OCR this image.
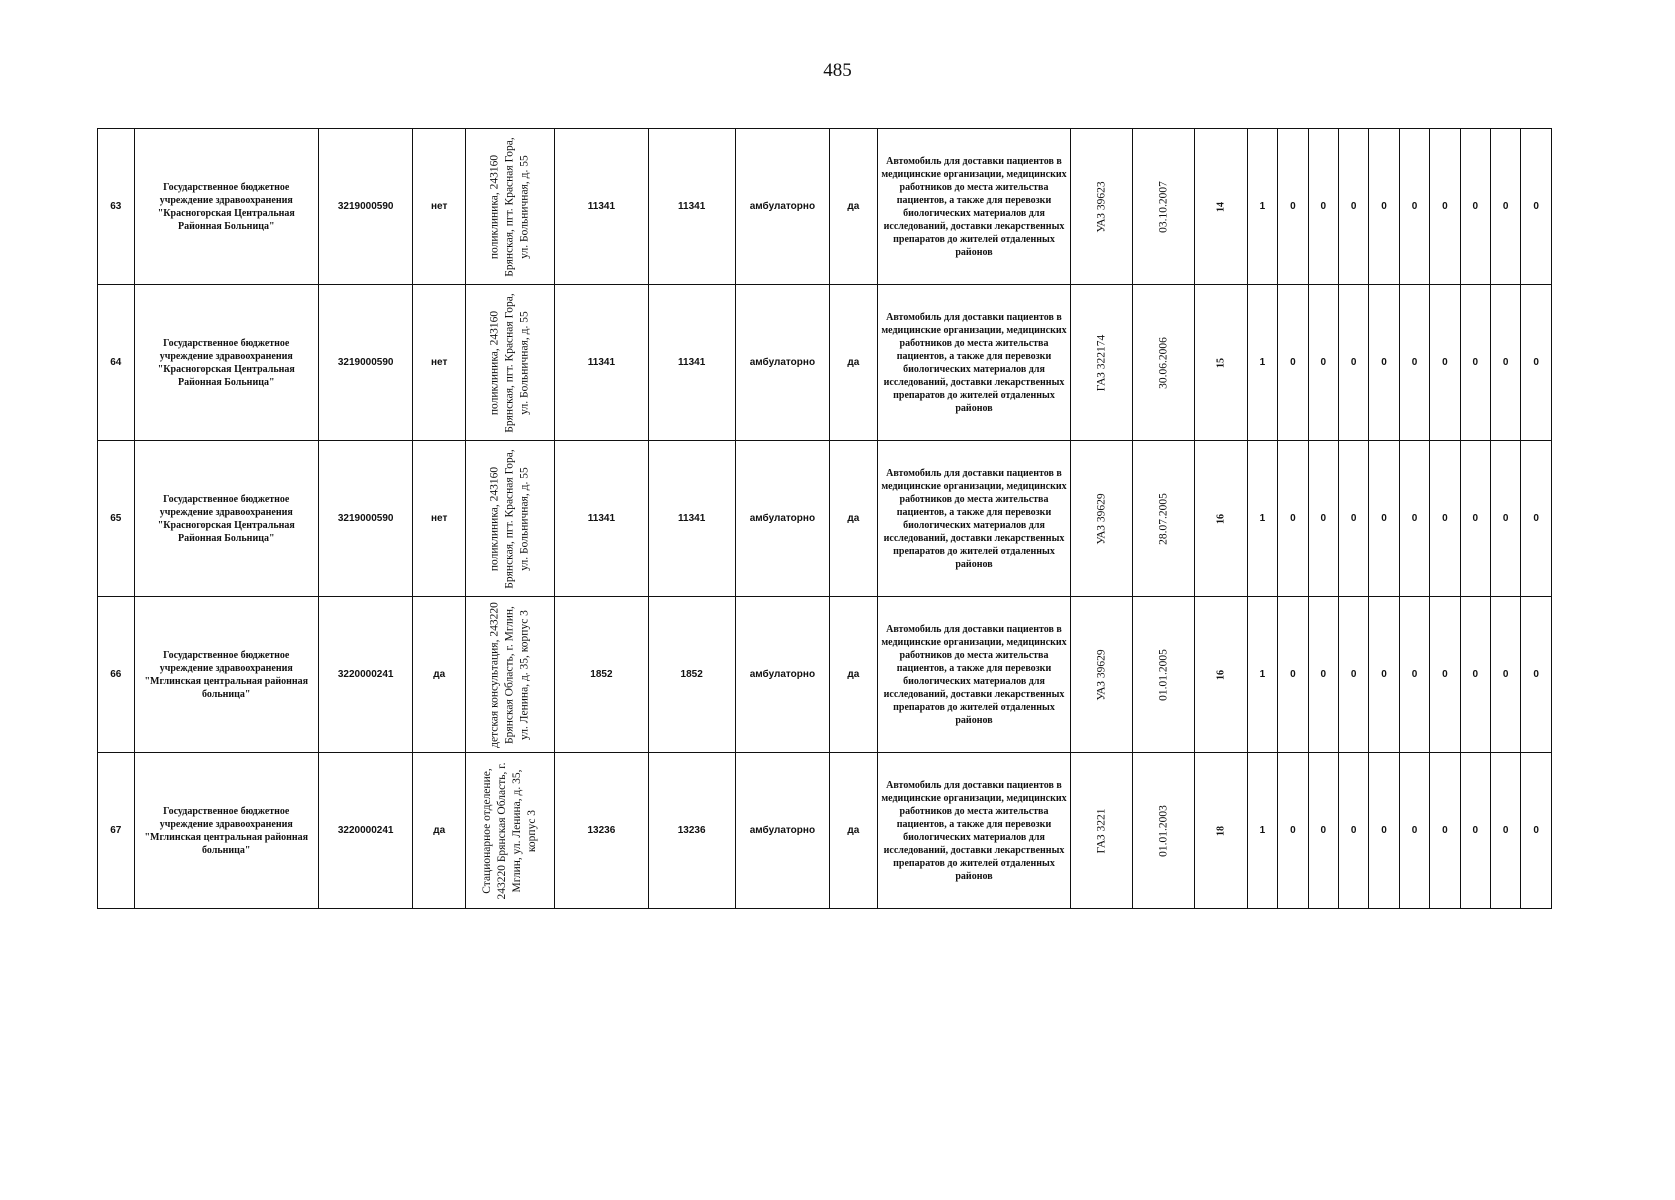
485
63	Государственное бюджетное учреждение здравоохранения "Красногорская Центральная Районная Больница"	3219000590	нет	поликлиника, 243160 Брянская, пгт. Красная Гора, ул. Больничная, д. 55	11341	11341	амбулаторно	да	Автомобиль для доставки пациентов в медицинские организации, медицинских работников до места жительства пациентов, а также для перевозки биологических материалов для исследований, доставки лекарственных препаратов до жителей отдаленных районов	УАЗ 39623	03.10.2007	14	1	0	0	0	0	0	0	0	0	0
64	Государственное бюджетное учреждение здравоохранения "Красногорская Центральная Районная Больница"	3219000590	нет	поликлиника, 243160 Брянская, пгт. Красная Гора, ул. Больничная, д. 55	11341	11341	амбулаторно	да	Автомобиль для доставки пациентов в медицинские организации, медицинских работников до места жительства пациентов, а также для перевозки биологических материалов для исследований, доставки лекарственных препаратов до жителей отдаленных районов	ГАЗ 322174	30.06.2006	15	1	0	0	0	0	0	0	0	0	0
65	Государственное бюджетное учреждение здравоохранения "Красногорская Центральная Районная Больница"	3219000590	нет	поликлиника, 243160 Брянская, пгт. Красная Гора, ул. Больничная, д. 55	11341	11341	амбулаторно	да	Автомобиль для доставки пациентов в медицинские организации, медицинских работников до места жительства пациентов, а также для перевозки биологических материалов для исследований, доставки лекарственных препаратов до жителей отдаленных районов	УАЗ 39629	28.07.2005	16	1	0	0	0	0	0	0	0	0	0
66	Государственное бюджетное учреждение здравоохранения "Мглинская центральная районная больница"	3220000241	да	детская консультация, 243220 Брянская Область, г. Мглин, ул. Ленина, д. 35, корпус 3	1852	1852	амбулаторно	да	Автомобиль для доставки пациентов в медицинские организации, медицинских работников до места жительства пациентов, а также для перевозки биологических материалов для исследований, доставки лекарственных препаратов до жителей отдаленных районов	УАЗ 39629	01.01.2005	16	1	0	0	0	0	0	0	0	0	0
67	Государственное бюджетное учреждение здравоохранения "Мглинская центральная районная больница"	3220000241	да	Стационарное отделение, 243220 Брянская Область, г. Мглин, ул. Ленина, д. 35, корпус 3	13236	13236	амбулаторно	да	Автомобиль для доставки пациентов в медицинские организации, медицинских работников до места жительства пациентов, а также для перевозки биологических материалов для исследований, доставки лекарственных препаратов до жителей отдаленных районов	ГАЗ 3221	01.01.2003	18	1	0	0	0	0	0	0	0	0	0
